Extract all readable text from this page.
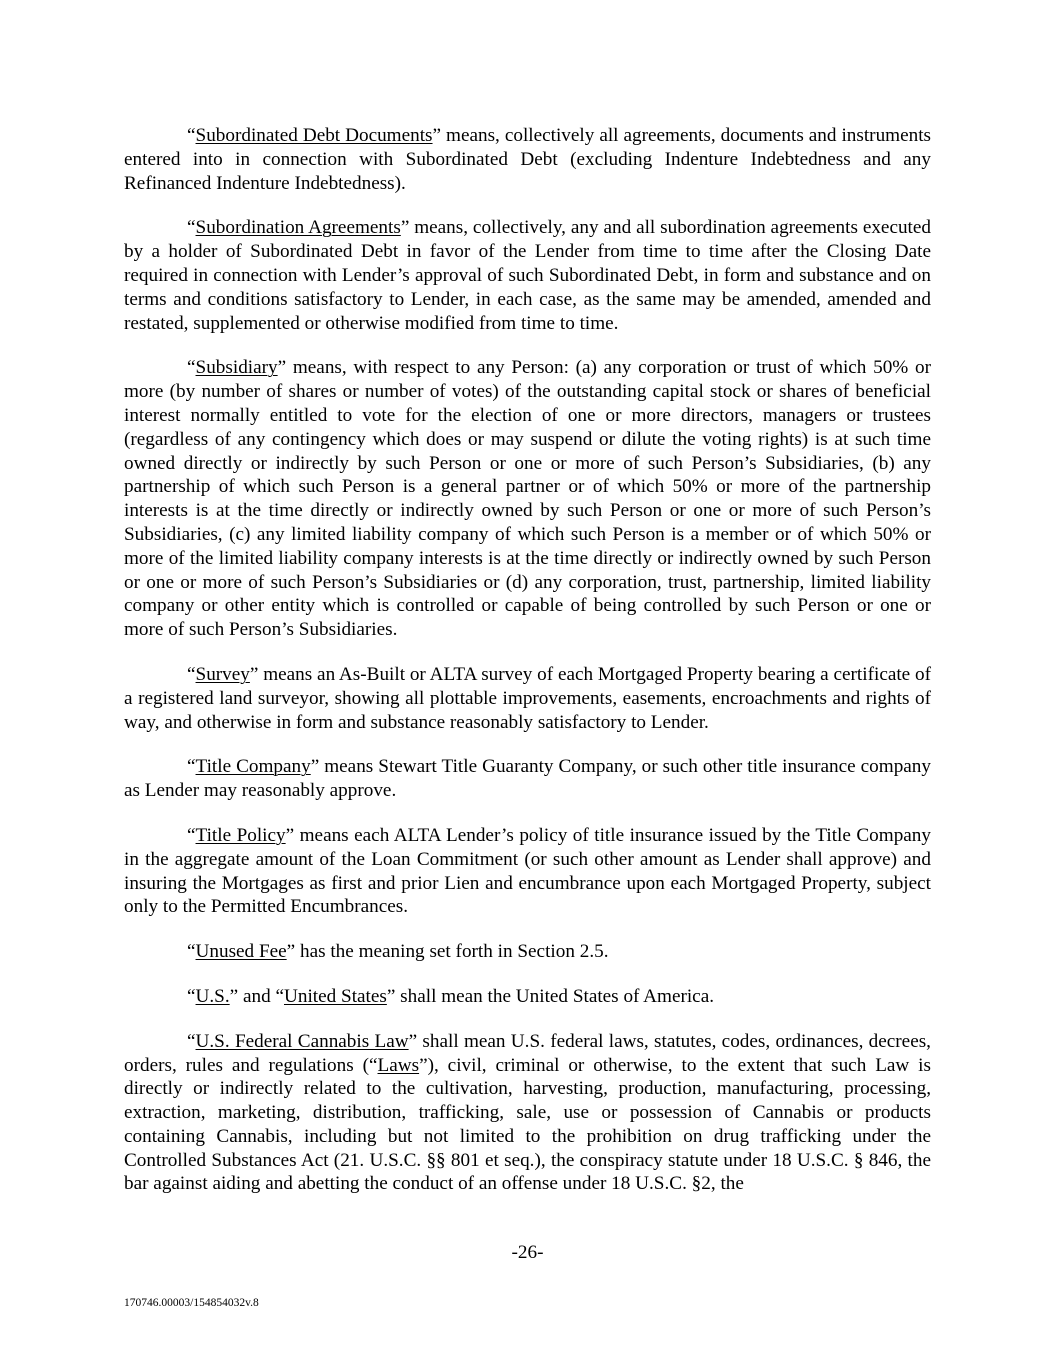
“Subordinated Debt Documents” means, collectively all agreements, documents and instruments entered into in connection with Subordinated Debt (excluding Indenture Indebtedness and any Refinanced Indenture Indebtedness).

“Subordination Agreements” means, collectively, any and all subordination agreements executed by a holder of Subordinated Debt in favor of the Lender from time to time after the Closing Date required in connection with Lender’s approval of such Subordinated Debt, in form and substance and on terms and conditions satisfactory to Lender, in each case, as the same may be amended, amended and restated, supplemented or otherwise modified from time to time.

“Subsidiary” means, with respect to any Person: (a) any corporation or trust of which 50% or more (by number of shares or number of votes) of the outstanding capital stock or shares of beneficial interest normally entitled to vote for the election of one or more directors, managers or trustees (regardless of any contingency which does or may suspend or dilute the voting rights) is at such time owned directly or indirectly by such Person or one or more of such Person’s Subsidiaries, (b) any partnership of which such Person is a general partner or of which 50% or more of the partnership interests is at the time directly or indirectly owned by such Person or one or more of such Person’s Subsidiaries, (c) any limited liability company of which such Person is a member or of which 50% or more of the limited liability company interests is at the time directly or indirectly owned by such Person or one or more of such Person’s Subsidiaries or (d) any corporation, trust, partnership, limited liability company or other entity which is controlled or capable of being controlled by such Person or one or more of such Person’s Subsidiaries.

“Survey” means an As-Built or ALTA survey of each Mortgaged Property bearing a certificate of a registered land surveyor, showing all plottable improvements, easements, encroachments and rights of way, and otherwise in form and substance reasonably satisfactory to Lender.

“Title Company” means Stewart Title Guaranty Company, or such other title insurance company as Lender may reasonably approve.

“Title Policy” means each ALTA Lender’s policy of title insurance issued by the Title Company in the aggregate amount of the Loan Commitment (or such other amount as Lender shall approve) and insuring the Mortgages as first and prior Lien and encumbrance upon each Mortgaged Property, subject only to the Permitted Encumbrances.

“Unused Fee” has the meaning set forth in Section 2.5.

“U.S.” and “United States” shall mean the United States of America.

“U.S. Federal Cannabis Law” shall mean U.S. federal laws, statutes, codes, ordinances, decrees, orders, rules and regulations (“Laws”), civil, criminal or otherwise, to the extent that such Law is directly or indirectly related to the cultivation, harvesting, production, manufacturing, processing, extraction, marketing, distribution, trafficking, sale, use or possession of Cannabis or products containing Cannabis, including but not limited to the prohibition on drug trafficking under the Controlled Substances Act (21. U.S.C. §§ 801 et seq.), the conspiracy statute under 18 U.S.C. § 846, the bar against aiding and abetting the conduct of an offense under 18 U.S.C. §2, the

-26-
170746.00003/154854032v.8
